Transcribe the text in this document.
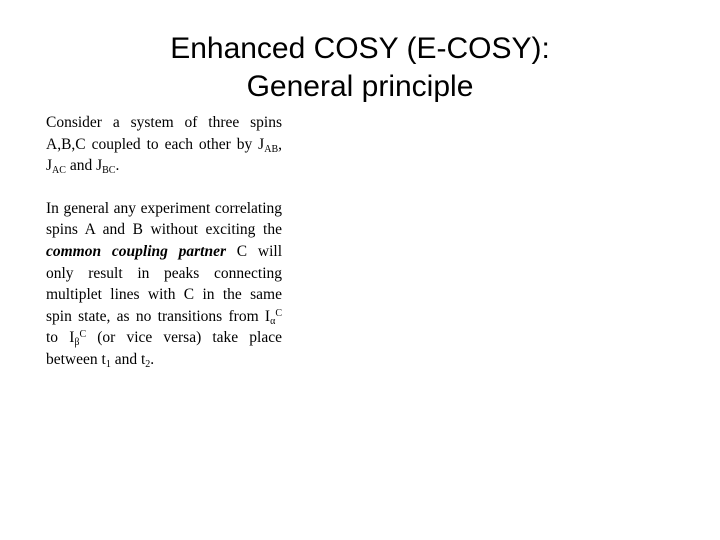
Enhanced COSY (E-COSY):
General principle

Consider a system of three spins A,B,C coupled to each other by $J_{AB}$, $J_{AC}$ and $J_{BC}$.

In general any experiment correlating spins A and B without exciting the common coupling partner C will only result in peaks connecting multiplet lines with C in the same spin state, as no transitions from $I_\alpha^C$ to $I_\beta^C$ (or vice versa) take place between $t_1$ and $t_2$.
